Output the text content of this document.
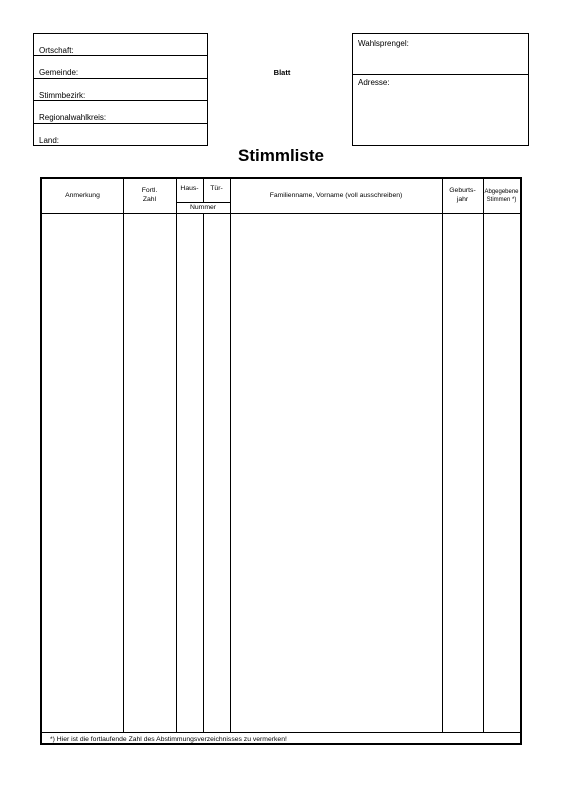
Ortschaft:
Gemeinde:
Stimmbezirk:
Regionalwahlkreis:
Land:
Blatt
Wahlsprengel:
Adresse:
Stimmliste
Anmerkung
Fortl.
Zahl
Haus-	Tür-
Nummer
Familienname, Vorname (voll ausschreiben)
Geburts-
jahr
Abgegebene
Stimmen *)
*) Hier ist die fortlaufende Zahl des Abstimmungsverzeichnisses zu vermerken!
